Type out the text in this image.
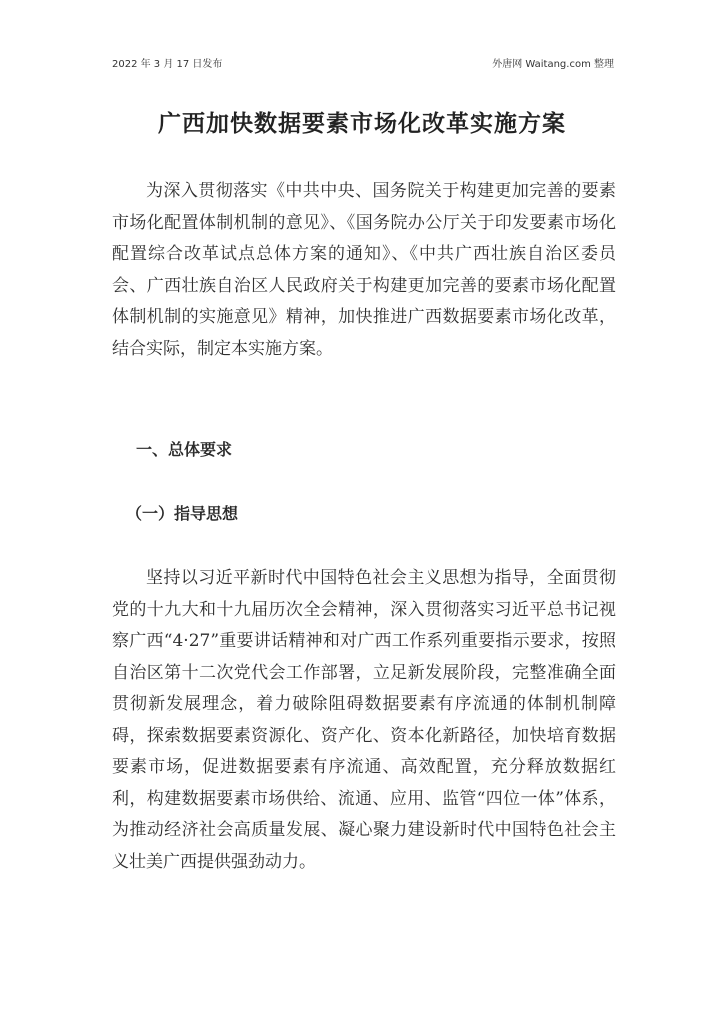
2022 年 3 月 17 日发布	外唐网 Waitang.com 整理
广西加快数据要素市场化改革实施方案

为深入贯彻落实《中共中央、国务院关于构建更加完善的要素市场化配置体制机制的意见》、《国务院办公厅关于印发要素市场化配置综合改革试点总体方案的通知》、《中共广西壮族自治区委员会、广西壮族自治区人民政府关于构建更加完善的要素市场化配置体制机制的实施意见》精神，加快推进广西数据要素市场化改革，结合实际，制定本实施方案。

一、总体要求
（一）指导思想

坚持以习近平新时代中国特色社会主义思想为指导，全面贯彻党的十九大和十九届历次全会精神，深入贯彻落实习近平总书记视察广西“4·27”重要讲话精神和对广西工作系列重要指示要求，按照自治区第十二次党代会工作部署，立足新发展阶段，完整准确全面贯彻新发展理念，着力破除阻碍数据要素有序流通的体制机制障碍，探索数据要素资源化、资产化、资本化新路径，加快培育数据要素市场，促进数据要素有序流通、高效配置，充分释放数据红利，构建数据要素市场供给、流通、应用、监管“四位一体”体系，为推动经济社会高质量发展、凝心聚力建设新时代中国特色社会主义壮美广西提供强劲动力。
